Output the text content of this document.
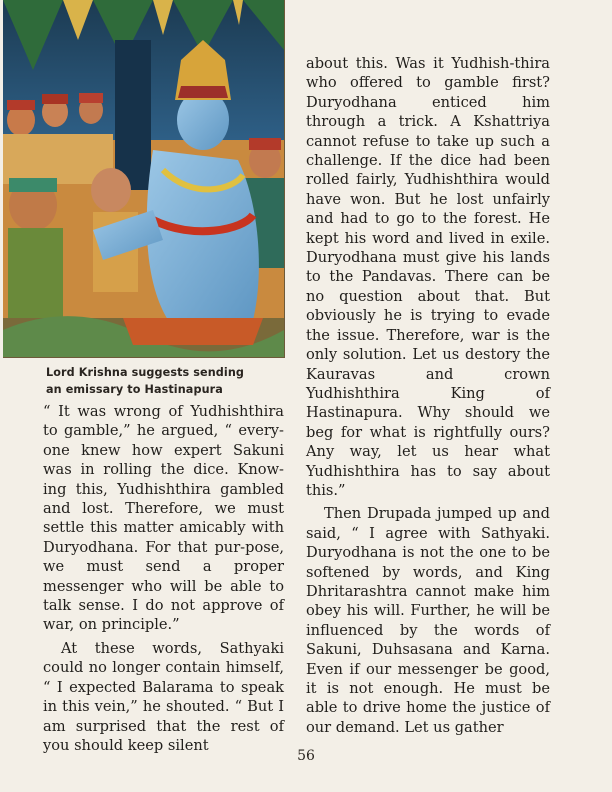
Lord Krishna suggests sending
an emissary to Hastinapura

“ It was wrong of Yudhishthira to gamble,” he argued, “ every-one knew how expert Sakuni was in rolling the dice. Know-ing this, Yudhishthira gambled and lost. Therefore, we must settle this matter amicably with Duryodhana. For that pur-pose, we must send a proper messenger who will be able to talk sense. I do not approve of war, on principle.”

At these words, Sathyaki could no longer contain himself, “ I expected Balarama to speak in this vein,” he shouted. “ But I am surprised that the rest of you should keep silent

about this. Was it Yudhish-thira who offered to gamble first? Duryodhana enticed him through a trick. A Kshattriya cannot refuse to take up such a challenge. If the dice had been rolled fairly, Yudhishthira would have won. But he lost unfairly and had to go to the forest. He kept his word and lived in exile. Duryodhana must give his lands to the Pandavas. There can be no question about that. But obviously he is trying to evade the issue. Therefore, war is the only solution. Let us destory the Kauravas and crown Yudhishthira King of Hastinapura. Why should we beg for what is rightfully ours? Any way, let us hear what Yudhishthira has to say about this.”

Then Drupada jumped up and said, “ I agree with Sathyaki. Duryodhana is not the one to be softened by words, and King Dhritarashtra cannot make him obey his will. Further, he will be influenced by the words of Sakuni, Duhsasana and Karna. Even if our messenger be good, it is not enough. He must be able to drive home the justice of our demand. Let us gather

56
